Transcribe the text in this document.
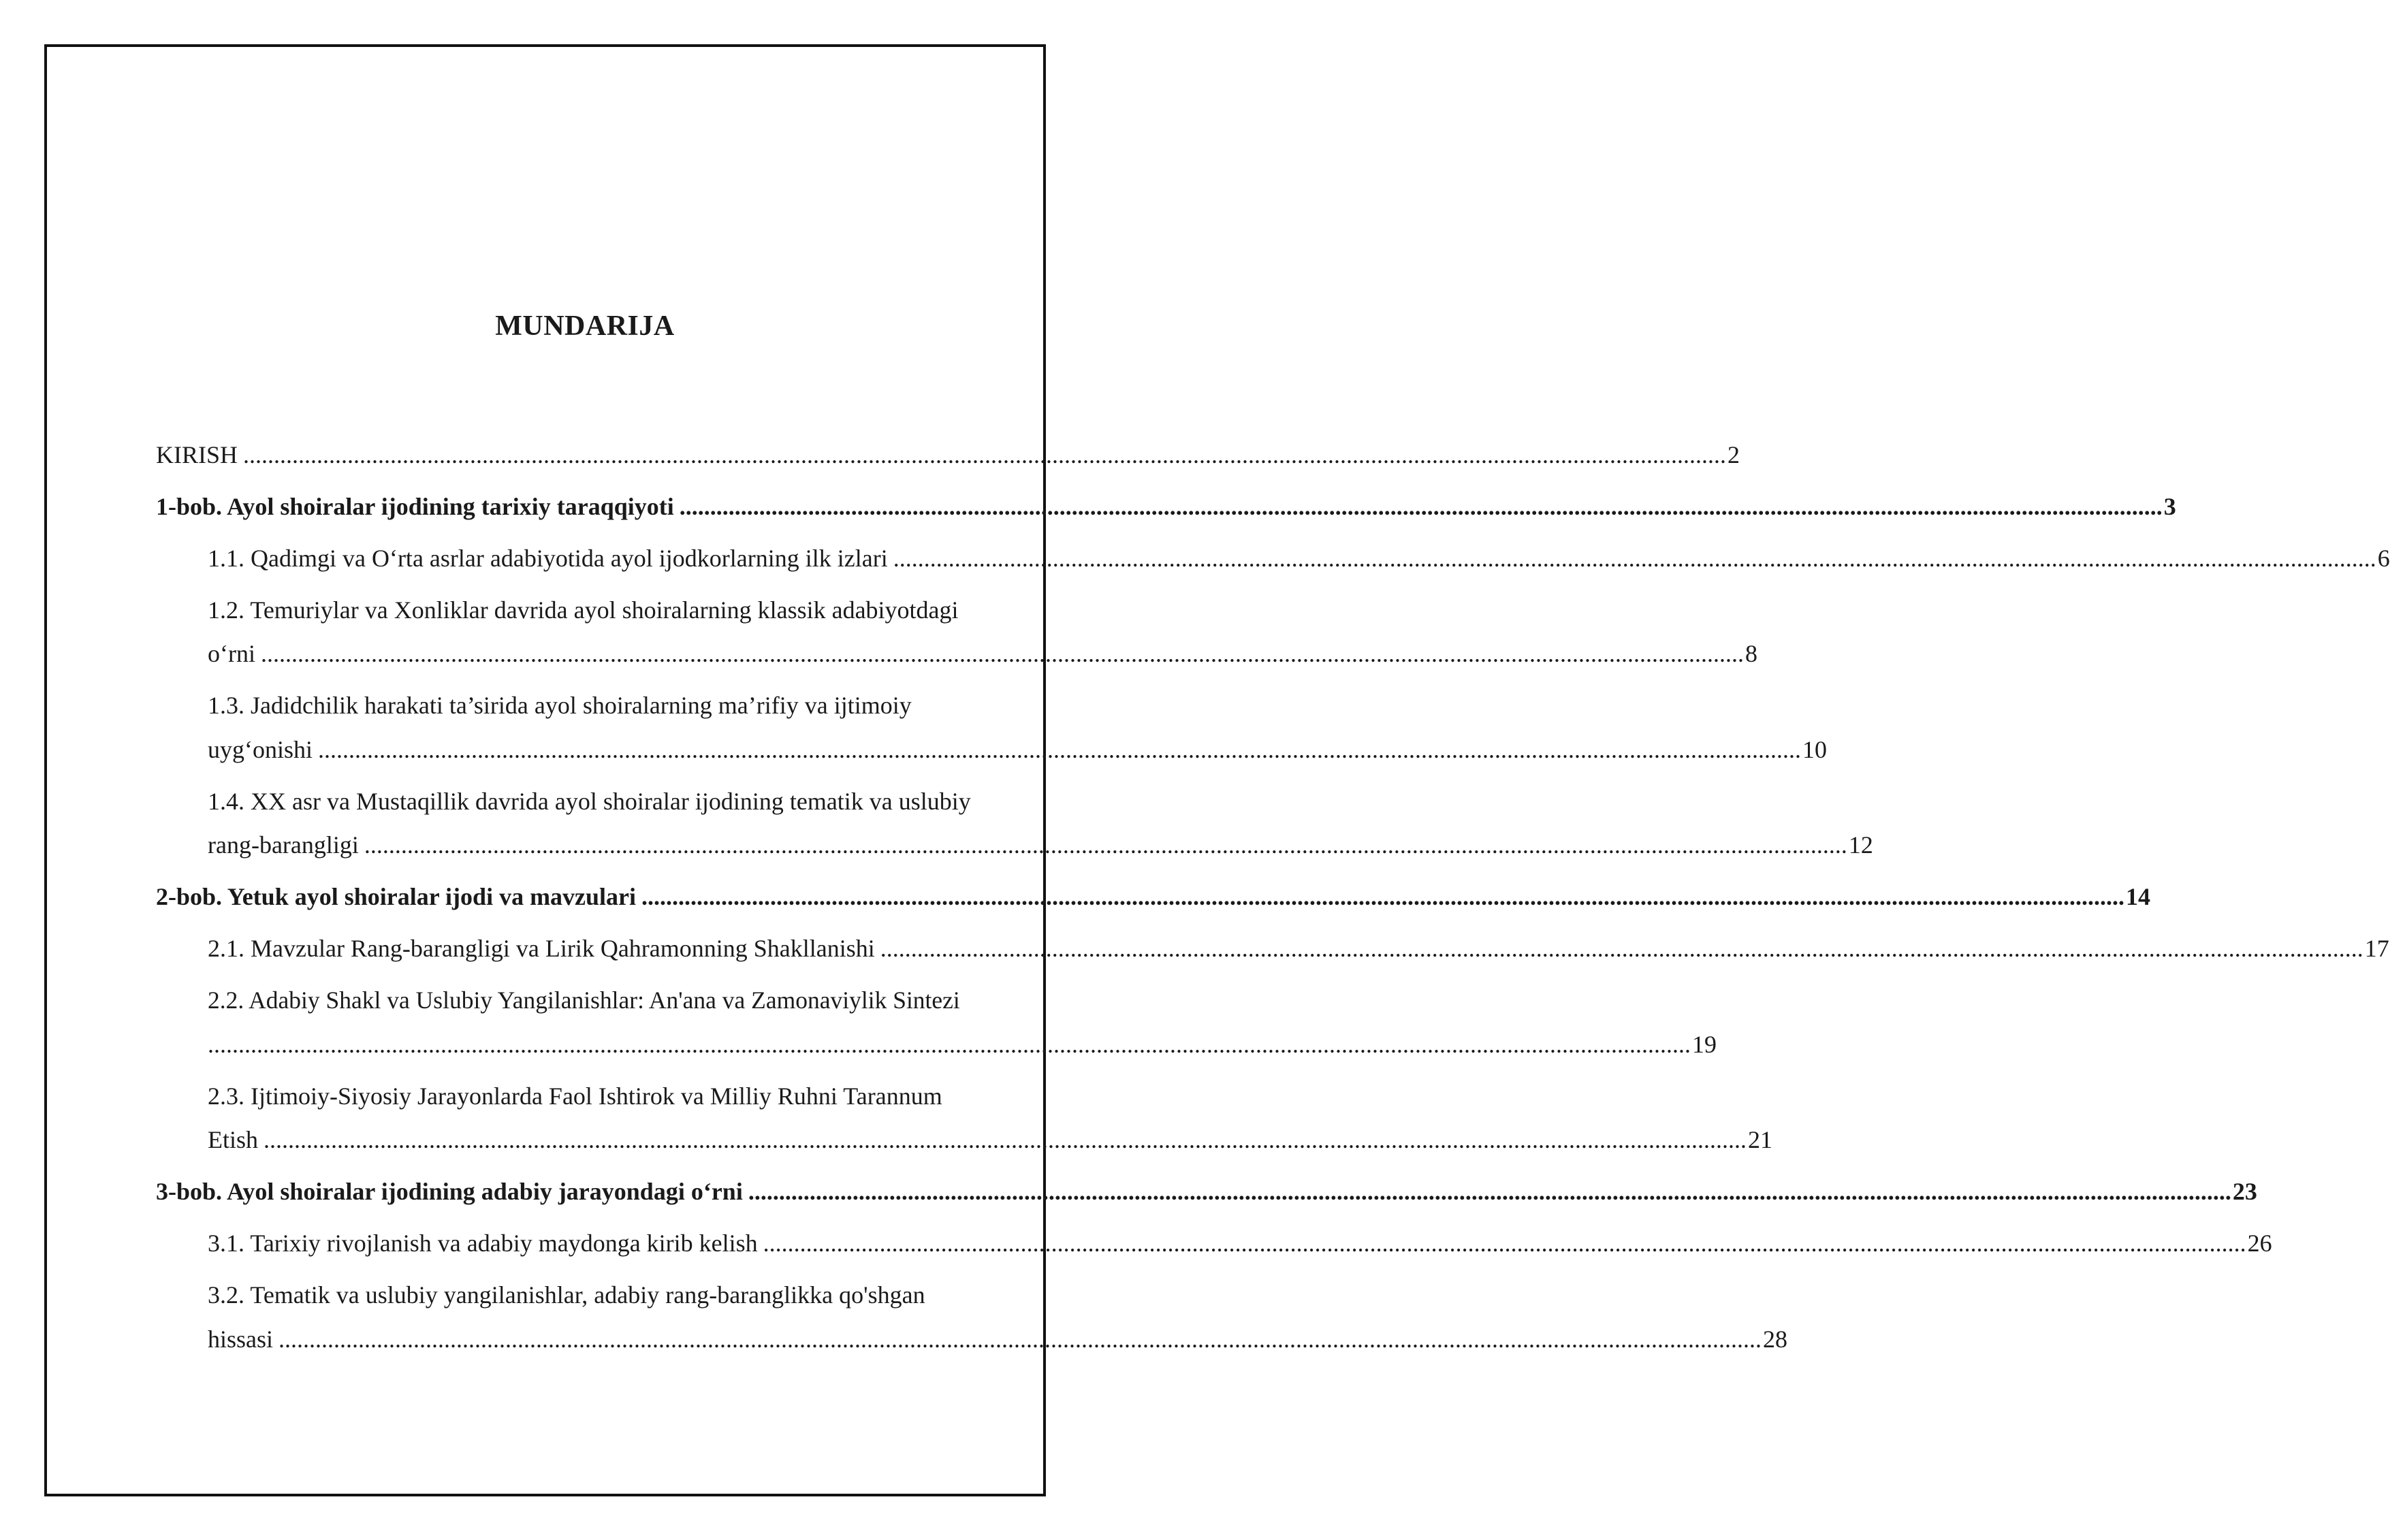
MUNDARIJA
KIRISH .................................................................................................................................................................................................................................................. 2
1-bob. Ayol shoiralar ijodining tarixiy taraqqiyoti .................................................................................................................................................................................................................................................. 3
1.1. Qadimgi va O‘rta asrlar adabiyotida ayol ijodkorlarning ilk izlari .................................................................................................................................................................................................................................................. 6
1.2. Temuriylar va Xonliklar davrida ayol shoiralarning klassik adabiyotdagi
o‘rni .................................................................................................................................................................................................................................................. 8
1.3. Jadidchilik harakati ta’sirida ayol shoiralarning ma’rifiy va ijtimoiy
uyg‘onishi .................................................................................................................................................................................................................................................. 10
1.4. XX asr va Mustaqillik davrida ayol shoiralar ijodining tematik va uslubiy
rang-barangligi .................................................................................................................................................................................................................................................. 12
2-bob. Yetuk ayol shoiralar ijodi va mavzulari .................................................................................................................................................................................................................................................. 14
2.1. Mavzular Rang-barangligi va Lirik Qahramonning Shakllanishi .................................................................................................................................................................................................................................................. 17
2.2. Adabiy Shakl va Uslubiy Yangilanishlar: An'ana va Zamonaviylik Sintezi
.................................................................................................................................................................................................................................................. 19
2.3. Ijtimoiy-Siyosiy Jarayonlarda Faol Ishtirok va Milliy Ruhni Tarannum
Etish .................................................................................................................................................................................................................................................. 21
3-bob. Ayol shoiralar ijodining adabiy jarayondagi o‘rni .................................................................................................................................................................................................................................................. 23
3.1. Tarixiy rivojlanish va adabiy maydonga kirib kelish .................................................................................................................................................................................................................................................. 26
3.2. Tematik va uslubiy yangilanishlar, adabiy rang-baranglikka qo'shgan
hissasi .................................................................................................................................................................................................................................................. 28
